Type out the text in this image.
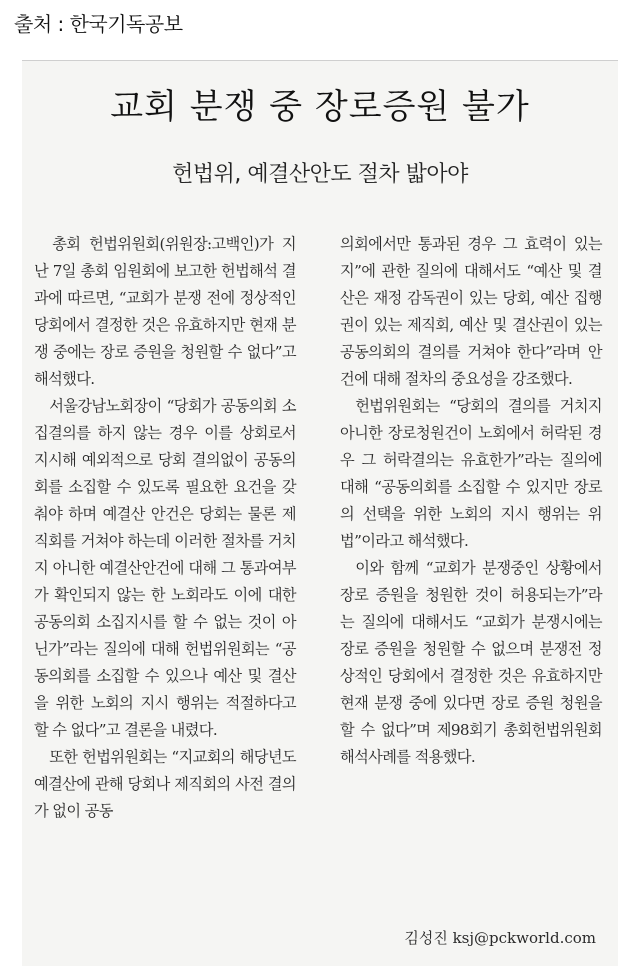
출처 : 한국기독공보
교회 분쟁 중 장로증원 불가
헌법위, 예결산안도 절차 밟아야

총회 헌법위원회(위원장:고백인)가 지난 7일 총회 임원회에 보고한 헌법해석 결과에 따르면, “교회가 분쟁 전에 정상적인 당회에서 결정한 것은 유효하지만 현재 분쟁 중에는 장로 증원을 청원할 수 없다”고 해석했다.

서울강남노회장이 “당회가 공동의회 소집결의를 하지 않는 경우 이를 상회로서 지시해 예외적으로 당회 결의없이 공동의회를 소집할 수 있도록 필요한 요건을 갖춰야 하며 예결산 안건은 당회는 물론 제직회를 거쳐야 하는데 이러한 절차를 거치지 아니한 예결산안건에 대해 그 통과여부가 확인되지 않는 한 노회라도 이에 대한 공동의회 소집지시를 할 수 없는 것이 아닌가”라는 질의에 대해 헌법위원회는 “공동의회를 소집할 수 있으나 예산 및 결산을 위한 노회의 지시 행위는 적절하다고 할 수 없다”고 결론을 내렸다.

또한 헌법위원회는 “지교회의 해당년도 예결산에 관해 당회나 제직회의 사전 결의가 없이 공동

의회에서만 통과된 경우 그 효력이 있는지”에 관한 질의에 대해서도 “예산 및 결산은 재정 감독권이 있는 당회, 예산 집행권이 있는 제직회, 예산 및 결산권이 있는 공동의회의 결의를 거쳐야 한다”라며 안건에 대해 절차의 중요성을 강조했다.

헌법위원회는 “당회의 결의를 거치지 아니한 장로청원건이 노회에서 허락된 경우 그 허락결의는 유효한가”라는 질의에 대해 “공동의회를 소집할 수 있지만 장로의 선택을 위한 노회의 지시 행위는 위법”이라고 해석했다.

이와 함께 “교회가 분쟁중인 상황에서 장로 증원을 청원한 것이 허용되는가”라는 질의에 대해서도 “교회가 분쟁시에는 장로 증원을 청원할 수 없으며 분쟁전 정상적인 당회에서 결정한 것은 유효하지만 현재 분쟁 중에 있다면 장로 증원 청원을 할 수 없다”며 제98회기 총회헌법위원회 해석사례를 적용했다.

김성진 ksj@pckworld.com
